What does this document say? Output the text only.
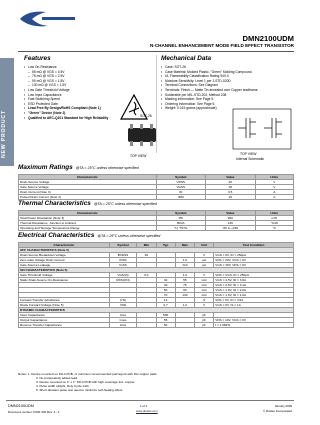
NEW PRODUCT
DMN2100UDM
N-CHANNEL ENHANCEMENT MODE FIELD EFFECT TRANSISTOR
Features	Mechanical Data
• Low On-Resistance
– 55 mΩ @ VGS = 4.5V
– 75 mΩ @ VGS = 2.5V
– 90 mΩ @ VGS = 1.8V
– 130 mΩ @ VGS = 1.5V
• Low Gate Threshold Voltage
• Low Input Capacitance
• Fast Switching Speed
• ESD Protected Gate
• Lead Free By Design/RoHS Compliant (Note 1)
• "Green" Device (Note 2)
• Qualified to AEC-Q101 Standard for High Reliability
• Case: SOT-26
• Case Material: Molded Plastic, "Green" Molding Compound.
• UL Flammability Classification Rating 94V-0
• Moisture Sensitivity: Level 1 per J-STD-020D
• Terminal Connections: See Diagram
• Terminals: Finish — Matte Tin annealed over Copper leadframe.
• Solderable per MIL-STD-202, Method 208
• Marking Information: See Page 5
• Ordering Information: See Page 5
• Weight: 0.015 grams (approximate)
SOT-26
TOP VIEW	TOP VIEW
Internal Schematic
Maximum Ratings @TA = 25°C unless otherwise specified
Characteristic	Symbol	Value	Units
Drain-Source Voltage	VDSS	20	V
Gate-Source Voltage	VGSS	±8	V
Drain Current (Note 3)	ID	3.5	A
Pulsed Drain Current (Note 4)	IDM	15	A
Thermal Characteristics @TA = 25°C unless otherwise specified
Characteristic	Symbol	Value	Units
Total Power Dissipation (Note 3)	PD	900	mW
Thermal Resistance, Junction to Ambient	RθJA	139	°C/W
Operating and Storage Temperature Range	TJ, TSTG	-55 to +150	°C
Electrical Characteristics @TA = 25°C unless otherwise specified
Characteristic	Symbol	Min	Typ	Max	Unit	Test Condition
OFF CHARACTERISTICS (Note 5)						
Drain-Source Breakdown Voltage	BVDSS	20			V	VGS = 0V, ID = 250µA
Zero Gate Voltage Drain Current	IDSS			1.0	µA	VDS = 20V, VGS = 0V
Gate-Source Leakage	IGSS			±10	µA	VGS = ±8V, VDS = 0V
ON CHARACTERISTICS (Note 5)						
Gate Threshold Voltage	VGS(th)	0.4		1.0	V	VDS = VGS, ID = 250µA
Static Drain-Source On-Resistance	RDS(ON)		32	55	mΩ	VGS = 4.5V, ID = 3.6A
			40	75	mΩ	VGS = 2.5V, ID = 3.1A
			50	90	mΩ	VGS = 1.8V, ID = 2.0A
			70	130	mΩ	VGS = 1.5V, ID = 1.0A
Forward Transfer Admittance	|Yfs|		12		S	VDS = 5V, ID = 3.6A
Diode Forward Voltage (Note 5)	VSD		0.7	1.2	V	VGS = 0V, IS = 1A
DYNAMIC CHARACTERISTICS						
Input Capacitance	Ciss		500		pF	
Output Capacitance	Coss		55		pF	VDS = 10V, VGS = 0V
Reverse Transfer Capacitance	Crss		50		pF	f = 1.0MHz
Notes: 1. Device mounted on FR-4 PCB, or minimum recommended pad layout with thin copper pads.
2. No purposefully added lead.
3. Device mounted on 1" x 1" FR-4 PCB with high coverage 2oz. copper.
4. Pulse width ≤10µS, Duty Cycle ≤1%.
5. Short duration pulse test used to minimize self-heating effect.
DMN2100UDM
Document number: DS31 000 Rev. 4 - 2
1 of 4
www.diodes.com
January 2009
© Diodes Incorporated
